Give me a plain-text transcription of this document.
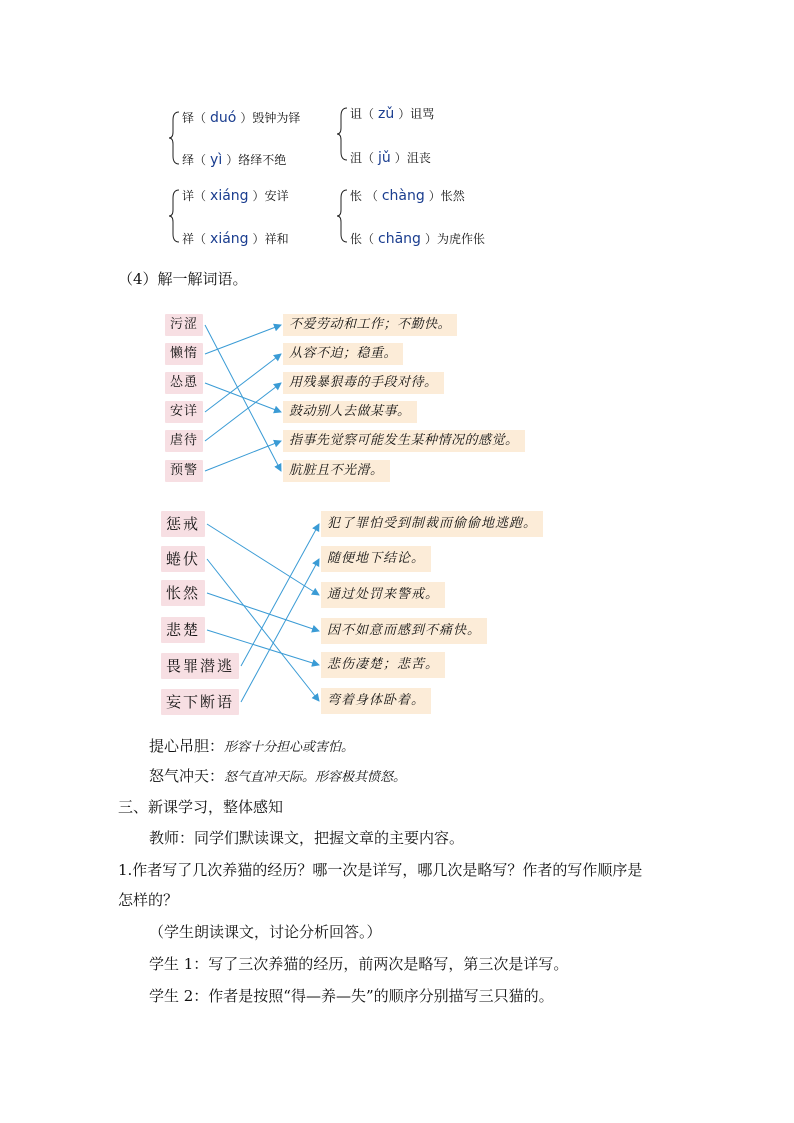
铎（ duó ）毁钟为铎
绎（ yì ）络绎不绝
诅（ zǔ ）诅骂
沮（ jǔ ）沮丧
详（ xiáng ）安详
祥（ xiáng ）祥和
怅 （ chàng ）怅然
伥（ chāng ）为虎作伥
（4）解一解词语。
污涩
懒惰
怂恿
安详
虐待
预警
不爱劳动和工作；不勤快。
从容不迫；稳重。
用残暴狠毒的手段对待。
鼓动别人去做某事。
指事先觉察可能发生某种情况的感觉。
肮脏且不光滑。
惩戒
蜷伏
怅然
悲楚
畏罪潜逃
妄下断语
犯了罪怕受到制裁而偷偷地逃跑。
随便地下结论。
通过处罚来警戒。
因不如意而感到不痛快。
悲伤凄楚；悲苦。
弯着身体卧着。
提心吊胆：形容十分担心或害怕。
怒气冲天：怒气直冲天际。形容极其愤怒。
三、新课学习，整体感知
教师：同学们默读课文，把握文章的主要内容。
1.作者写了几次养猫的经历？哪一次是详写，哪几次是略写？作者的写作顺序是
怎样的？
（学生朗读课文，讨论分析回答。）
学生 1：写了三次养猫的经历，前两次是略写，第三次是详写。
学生 2：作者是按照“得—养—失”的顺序分别描写三只猫的。
